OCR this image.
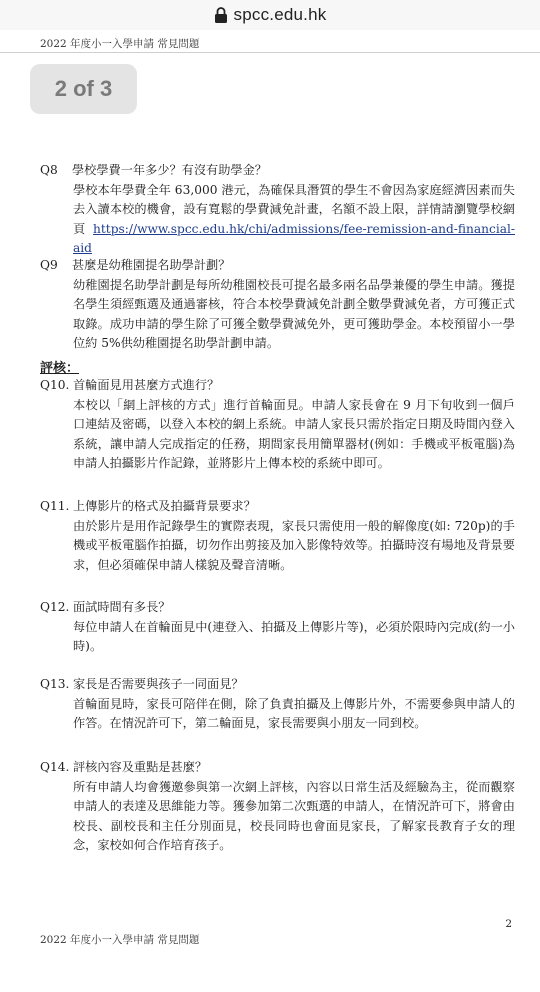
spcc.edu.hk
2022 年度小一入學申請 常見問題
2 of 3
Q8	學校學費一年多少？有沒有助學金？
學校本年學費全年 63,000 港元，為確保具潛質的學生不會因為家庭經濟因素而失去入讀本校的機會，設有寬鬆的學費減免計畫，名額不設上限，詳情請瀏覽學校網頁 https://www.spcc.edu.hk/chi/admissions/fee-remission-and-financial-aid
Q9	甚麼是幼稚園提名助學計劃？
幼稚園提名助學計劃是每所幼稚園校長可提名最多兩名品學兼優的學生申請。獲提名學生須經甄選及通過審核，符合本校學費減免計劃全數學費減免者，方可獲正式取錄。成功申請的學生除了可獲全數學費減免外，更可獲助學金。本校預留小一學位約 5%供幼稚園提名助學計劃申請。
評核：
Q10. 首輪面見用甚麼方式進行？
本校以「網上評核的方式」進行首輪面見。申請人家長會在 9 月下旬收到一個戶口連結及密碼，以登入本校的網上系統。申請人家長只需於指定日期及時間內登入系統，讓申請人完成指定的任務，期間家長用簡單器材(例如：手機或平板電腦)為申請人拍攝影片作記錄，並將影片上傳本校的系統中即可。
Q11. 上傳影片的格式及拍攝背景要求？
由於影片是用作記錄學生的實際表現，家長只需使用一般的解像度(如: 720p)的手機或平板電腦作拍攝，切勿作出剪接及加入影像特效等。拍攝時沒有場地及背景要求，但必須確保申請人樣貌及聲音清晰。
Q12. 面試時間有多長？
每位申請人在首輪面見中(連登入、拍攝及上傳影片等)，必須於限時內完成(約一小時)。
Q13. 家長是否需要與孩子一同面見？
首輪面見時，家長可陪伴在側，除了負責拍攝及上傳影片外，不需要參與申請人的作答。在情況許可下，第二輪面見，家長需要與小朋友一同到校。
Q14. 評核內容及重點是甚麼？
所有申請人均會獲邀參與第一次網上評核，內容以日常生活及經驗為主，從而觀察申請人的表達及思維能力等。獲參加第二次甄選的申請人，在情況許可下，將會由校長、副校長和主任分別面見，校長同時也會面見家長，了解家長教育子女的理念，家校如何合作培育孩子。
2
2022 年度小一入學申請 常見問題
